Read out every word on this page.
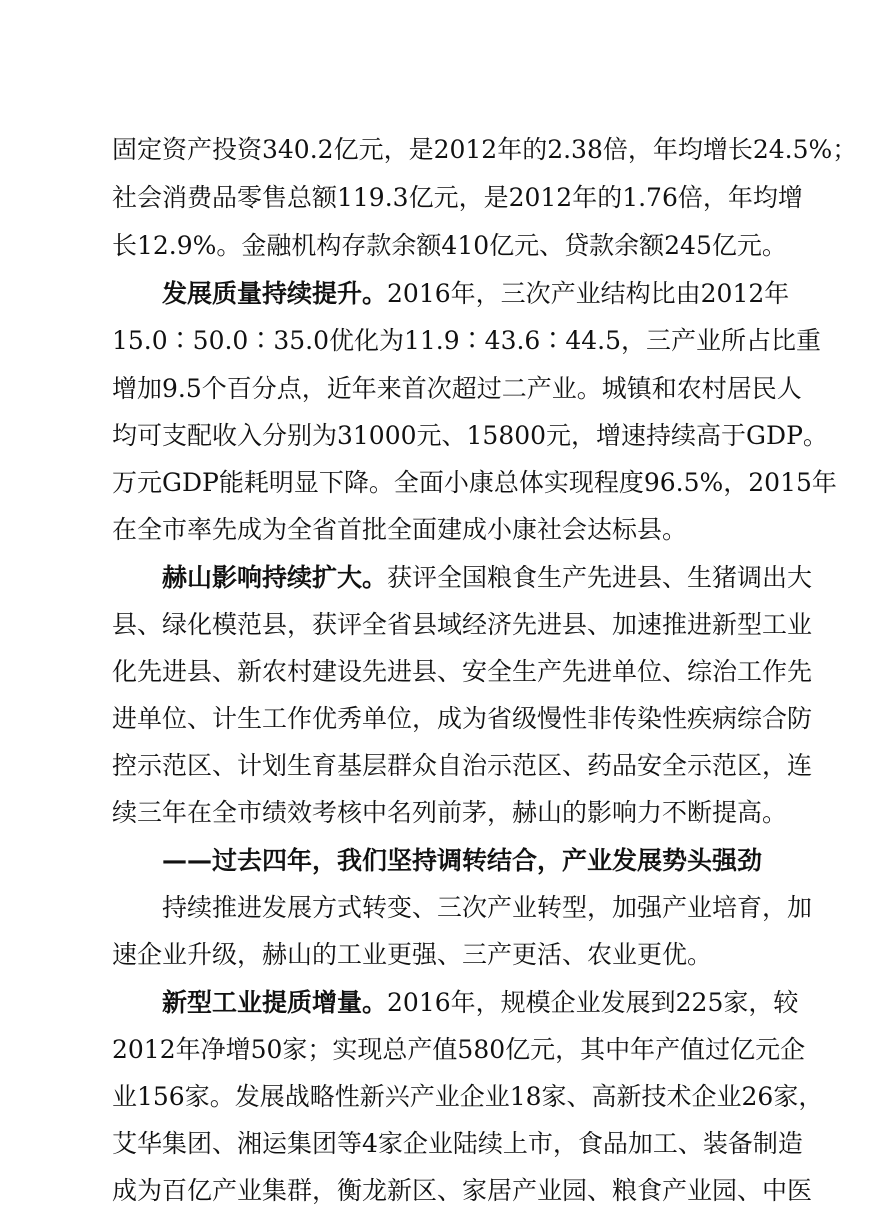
固定资产投资340.2亿元，是2012年的2.38倍，年均增长24.5%；
社会消费品零售总额119.3亿元，是2012年的1.76倍，年均增
长12.9%。金融机构存款余额410亿元、贷款余额245亿元。
发展质量持续提升。2016年，三次产业结构比由2012年
15.0∶50.0∶35.0优化为11.9∶43.6∶44.5，三产业所占比重
增加9.5个百分点，近年来首次超过二产业。城镇和农村居民人
均可支配收入分别为31000元、15800元，增速持续高于GDP。
万元GDP能耗明显下降。全面小康总体实现程度96.5%，2015年
在全市率先成为全省首批全面建成小康社会达标县。
赫山影响持续扩大。获评全国粮食生产先进县、生猪调出大
县、绿化模范县，获评全省县域经济先进县、加速推进新型工业
化先进县、新农村建设先进县、安全生产先进单位、综治工作先
进单位、计生工作优秀单位，成为省级慢性非传染性疾病综合防
控示范区、计划生育基层群众自治示范区、药品安全示范区，连
续三年在全市绩效考核中名列前茅，赫山的影响力不断提高。
——过去四年，我们坚持调转结合，产业发展势头强劲
持续推进发展方式转变、三次产业转型，加强产业培育，加
速企业升级，赫山的工业更强、三产更活、农业更优。
新型工业提质增量。2016年，规模企业发展到225家，较
2012年净增50家；实现总产值580亿元，其中年产值过亿元企
业156家。发展战略性新兴产业企业18家、高新技术企业26家，
艾华集团、湘运集团等4家企业陆续上市，食品加工、装备制造
成为百亿产业集群，衡龙新区、家居产业园、粮食产业园、中医
